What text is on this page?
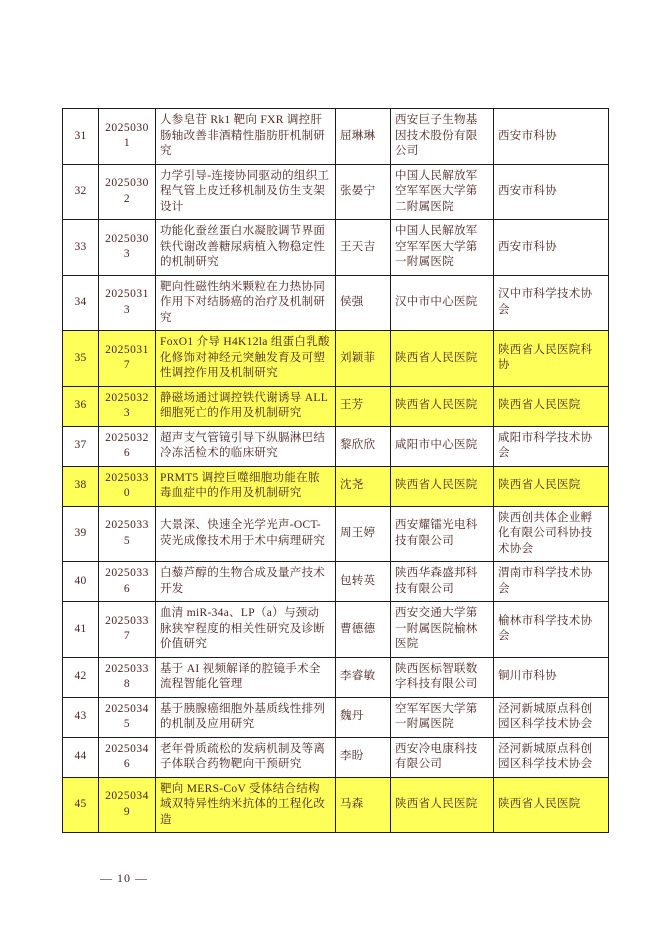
31	20250301	人参皂苷 Rk1 靶向 FXR 调控肝肠轴改善非酒精性脂肪肝机制研究	屈琳琳	西安巨子生物基因技术股份有限公司	西安市科协
32	20250302	力学引导-连接协同驱动的组织工程气管上皮迁移机制及仿生支架设计	张晏宁	中国人民解放军空军军医大学第二附属医院	西安市科协
33	20250303	功能化蚕丝蛋白水凝胶调节界面铁代谢改善糖尿病植入物稳定性的机制研究	王天吉	中国人民解放军空军军医大学第一附属医院	西安市科协
34	20250313	靶向性磁性纳米颗粒在力热协同作用下对结肠癌的治疗及机制研究	侯强	汉中市中心医院	汉中市科学技术协会
35	20250317	FoxO1 介导 H4K12la 组蛋白乳酸化修饰对神经元突触发育及可塑性调控作用及机制研究	刘颖菲	陕西省人民医院	陕西省人民医院科协
36	20250323	静磁场通过调控铁代谢诱导 ALL 细胞死亡的作用及机制研究	王芳	陕西省人民医院	陕西省人民医院
37	20250326	超声支气管镜引导下纵膈淋巴结冷冻活检术的临床研究	黎欣欣	咸阳市中心医院	咸阳市科学技术协会
38	20250330	PRMT5 调控巨噬细胞功能在脓毒血症中的作用及机制研究	沈尧	陕西省人民医院	陕西省人民医院
39	20250335	大景深、快速全光学光声-OCT-荧光成像技术用于术中病理研究	周王婷	西安耀镭光电科技有限公司	陕西创共体企业孵化有限公司科协技术协会
40	20250336	白藜芦醇的生物合成及量产技术开发	包转英	陕西华森盛邦科技有限公司	渭南市科学技术协会
41	20250337	血清 miR-34a、LP（a）与颈动脉狭窄程度的相关性研究及诊断价值研究	曹德德	西安交通大学第一附属医院榆林医院	榆林市科学技术协会
42	20250338	基于 AI 视频解译的腔镜手术全流程智能化管理	李睿敏	陕西医标智联数字科技有限公司	铜川市科协
43	20250345	基于胰腺癌细胞外基质线性排列的机制及应用研究	魏丹	空军军医大学第一附属医院	泾河新城原点科创园区科学技术协会
44	20250346	老年骨质疏松的发病机制及等离子体联合药物靶向干预研究	李盼	西安冷电康科技有限公司	泾河新城原点科创园区科学技术协会
45	20250349	靶向 MERS-CoV 受体结合结构域双特异性纳米抗体的工程化改造	马森	陕西省人民医院	陕西省人民医院
— 10 —
